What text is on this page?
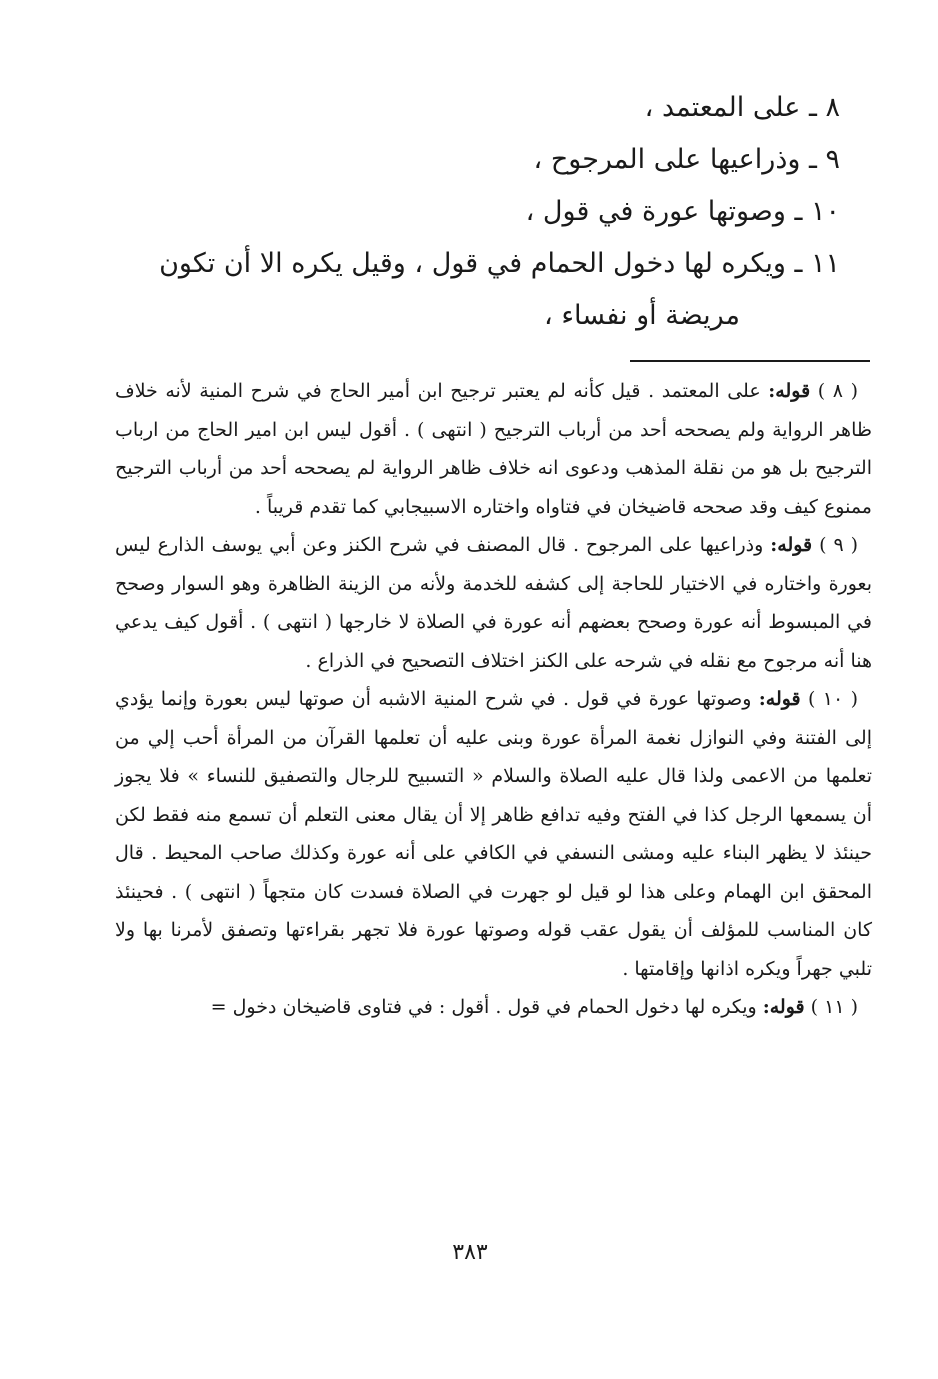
٨ ـ على المعتمد ،

٩ ـ وذراعيها على المرجوح ،

١٠ ـ وصوتها عورة في قول ،

١١ ـ ويكره لها دخول الحمام في قول ، وقيل يكره الا أن تكون

مريضة أو نفساء ،

( ٨ ) قوله: على المعتمد . قيل كأنه لم يعتبر ترجيح ابن أمير الحاج في شرح المنية لأنه خلاف ظاهر الرواية ولم يصححه أحد من أرباب الترجيح ( انتهى ) . أقول ليس ابن امير الحاج من ارباب الترجيح بل هو من نقلة المذهب ودعوى انه خلاف ظاهر الرواية لم يصححه أحد من أرباب الترجيح ممنوع كيف وقد صححه قاضيخان في فتاواه واختاره الاسبيجابي كما تقدم قريباً .

( ٩ ) قوله: وذراعيها على المرجوح . قال المصنف في شرح الكنز وعن أبي يوسف الذارع ليس بعورة واختاره في الاختيار للحاجة إلى كشفه للخدمة ولأنه من الزينة الظاهرة وهو السوار وصحح في المبسوط أنه عورة وصحح بعضهم أنه عورة في الصلاة لا خارجها ( انتهى ) . أقول كيف يدعي هنا أنه مرجوح مع نقله في شرحه على الكنز اختلاف التصحيح في الذراع .

( ١٠ ) قوله: وصوتها عورة في قول . في شرح المنية الاشبه أن صوتها ليس بعورة وإنما يؤدي إلى الفتنة وفي النوازل نغمة المرأة عورة وبنى عليه أن تعلمها القرآن من المرأة أحب إلي من تعلمها من الاعمى ولذا قال عليه الصلاة والسلام « التسبيح للرجال والتصفيق للنساء » فلا يجوز أن يسمعها الرجل كذا في الفتح وفيه تدافع ظاهر إلا أن يقال معنى التعلم أن تسمع منه فقط لكن حينئذ لا يظهر البناء عليه ومشى النسفي في الكافي على أنه عورة وكذلك صاحب المحيط . قال المحقق ابن الهمام وعلى هذا لو قيل لو جهرت في الصلاة فسدت كان متجهاً ( انتهى ) . فحينئذ كان المناسب للمؤلف أن يقول عقب قوله وصوتها عورة فلا تجهر بقراءتها وتصفق لأمرنا بها ولا تلبي جهراً ويكره اذانها وإقامتها .

( ١١ ) قوله: ويكره لها دخول الحمام في قول . أقول : في فتاوى قاضيخان دخول =

٣٨٣
